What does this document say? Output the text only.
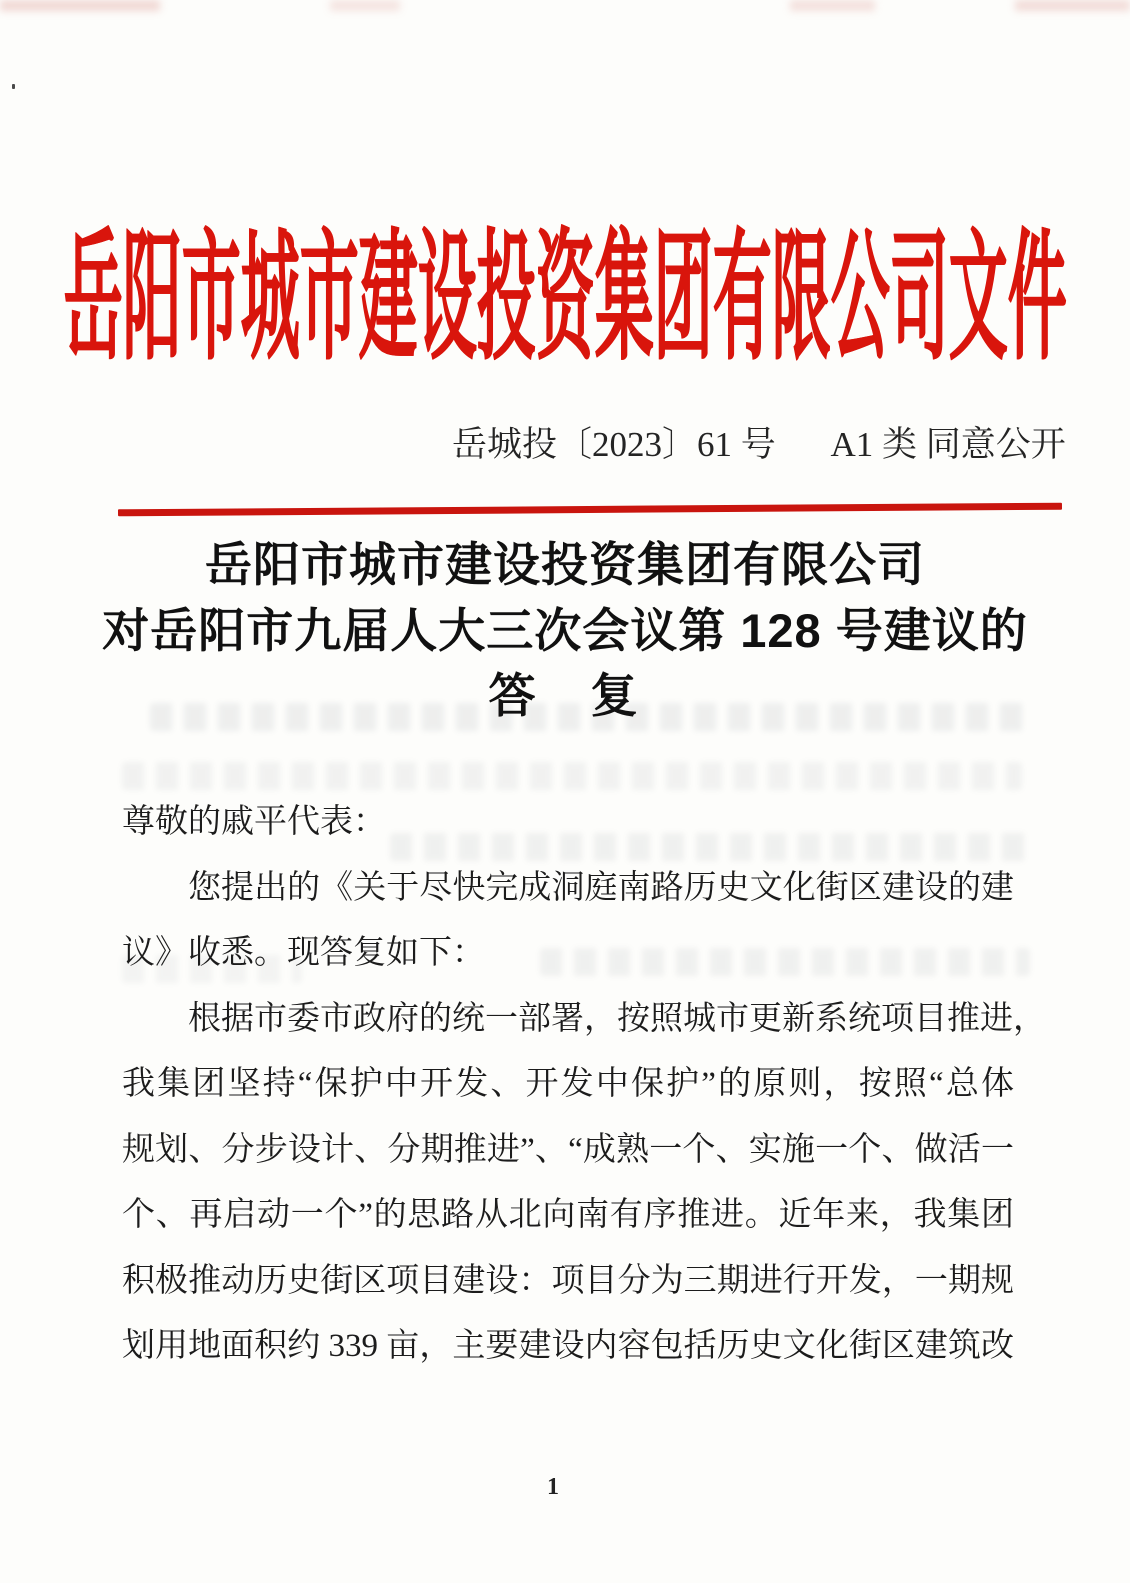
岳阳市城市建设投资集团有限公司文件
岳城投〔2023〕61 号 A1 类 同意公开
岳阳市城市建设投资集团有限公司
对岳阳市九届人大三次会议第 128 号建议的
答　复
尊敬的戚平代表：
您提出的《关于尽快完成洞庭南路历史文化街区建设的建
议》收悉。现答复如下：
根据市委市政府的统一部署，按照城市更新系统项目推进，
我集团坚持“保护中开发、开发中保护”的原则，按照“总体
规划、分步设计、分期推进”、“成熟一个、实施一个、做活一
个、再启动一个”的思路从北向南有序推进。近年来，我集团
积极推动历史街区项目建设：项目分为三期进行开发，一期规
划用地面积约 339 亩，主要建设内容包括历史文化街区建筑改
1
